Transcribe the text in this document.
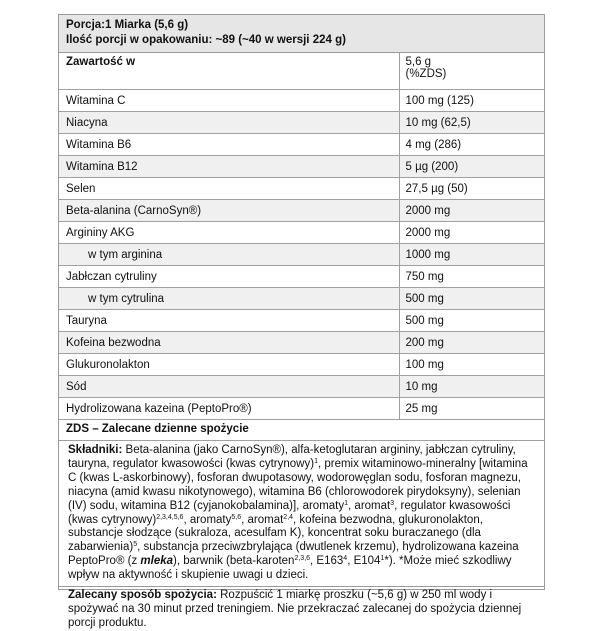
Porcja:1 Miarka (5,6 g)
Ilość porcji w opakowaniu: ~89 (~40 w wersji 224 g)
Zawartość w	5,6 g
(%ZDS)

Witamina C	100 mg (125)
Niacyna	10 mg (62,5)
Witamina B6	4 mg (286)
Witamina B12	5 µg (200)
Selen	27,5 µg (50)
Beta-alanina (CarnoSyn®)	2000 mg
Argininy AKG	2000 mg
w tym arginina	1000 mg
Jabłczan cytruliny	750 mg
w tym cytrulina	500 mg
Tauryna	500 mg
Kofeina bezwodna	200 mg
Glukuronolakton	100 mg
Sód	10 mg
Hydrolizowana kazeina (PeptoPro®)	25 mg
ZDS – Zalecane dzienne spożycie
Składniki: Beta-alanina (jako CarnoSyn®), alfa-ketoglutaran argininy, jabłczan cytruliny, tauryna, regulator kwasowości (kwas cytrynowy)$^1$, premix witaminowo-mineralny [witamina C (kwas L-askorbinowy), fosforan dwupotasowy, wodorowęglan sodu, fosforan magnezu, niacyna (amid kwasu nikotynowego), witamina B6 (chlorowodorek pirydoksyny), selenian (IV) sodu, witamina B12 (cyjanokobalamina)], aromaty$^1$, aromat$^3$, regulator kwasowości (kwas cytrynowy)$^{2,3,4,5,6}$, aromaty$^{5,6}$, aromat$^{2,4}$, kofeina bezwodna, glukuronolakton, substancje słodzące (sukraloza, acesulfam K), koncentrat soku buraczanego (dla zabarwienia)$^5$, substancja przeciwzbrylająca (dwutlenek krzemu), hydrolizowana kazeina PeptoPro® (z mleka), barwnik (beta-karoten$^{2,3,6}$, $E163^4$, $E104^1*$). *Może mieć szkodliwy wpływ na aktywność i skupienie uwagi u dzieci.
Zalecany sposób spożycia: Rozpuścić 1 miarkę proszku (~5,6 g) w 250 ml wody i spożywać na 30 minut przed treningiem. Nie przekraczać zalecanej do spożycia dziennej porcji produktu.
